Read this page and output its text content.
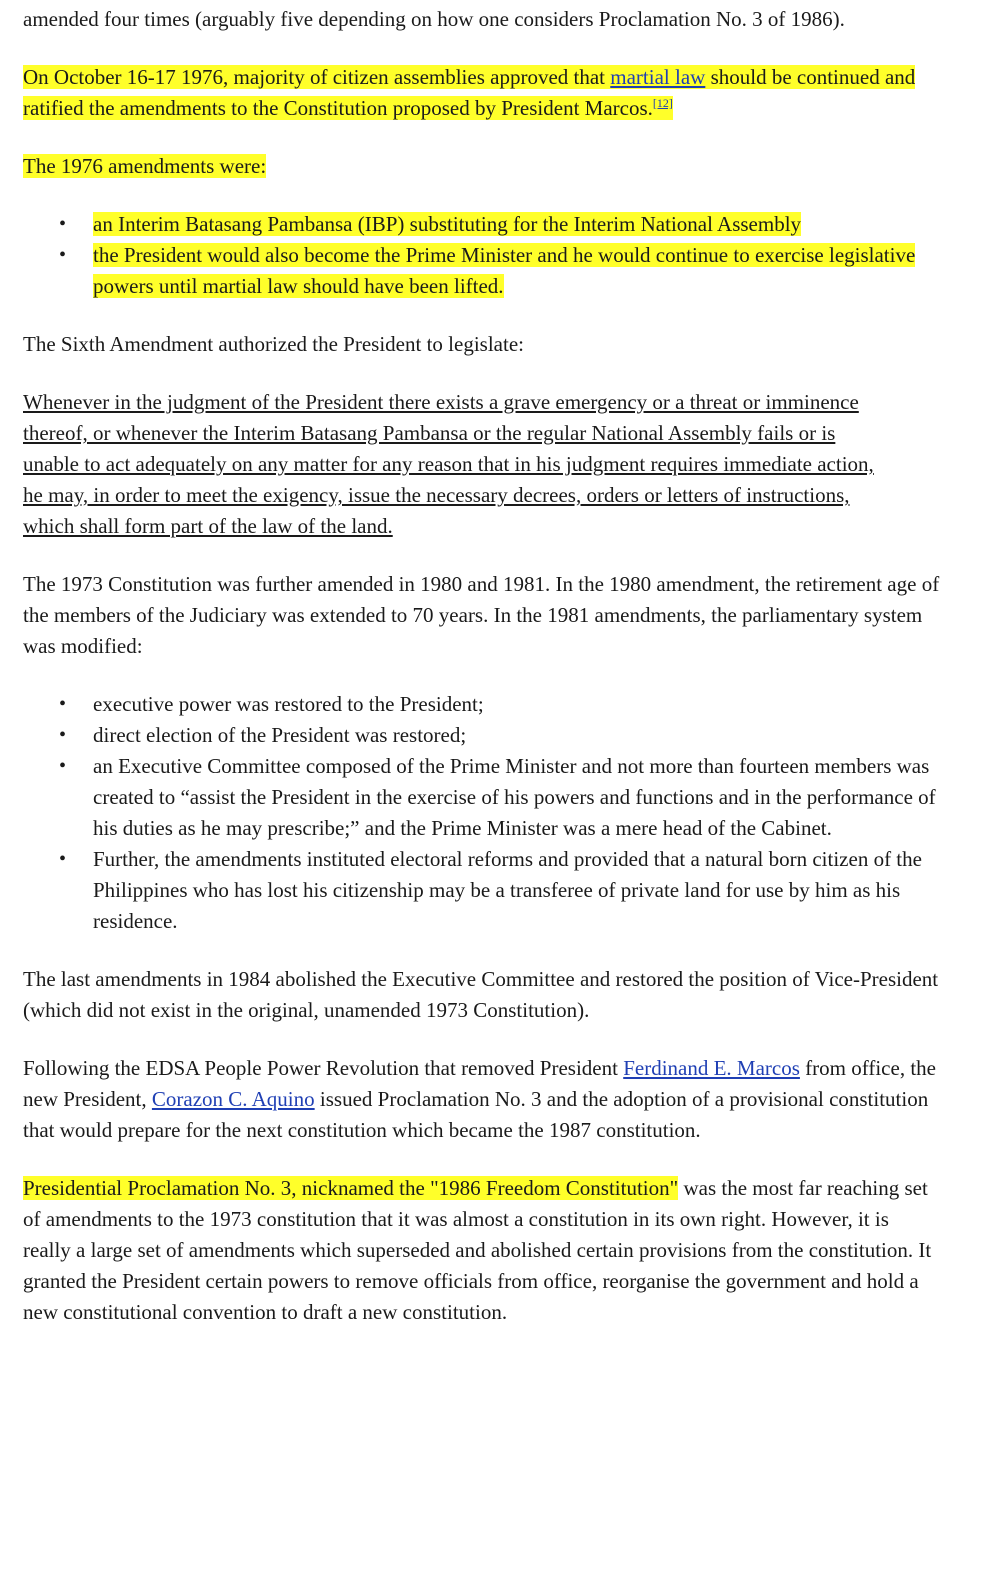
amended four times (arguably five depending on how one considers Proclamation No. 3 of 1986).

On October 16-17 1976, majority of citizen assemblies approved that martial law should be continued and ratified the amendments to the Constitution proposed by President Marcos.[12]

The 1976 amendments were:

• an Interim Batasang Pambansa (IBP) substituting for the Interim National Assembly
• the President would also become the Prime Minister and he would continue to exercise legislative powers until martial law should have been lifted.

The Sixth Amendment authorized the President to legislate:

Whenever in the judgment of the President there exists a grave emergency or a threat or imminence thereof, or whenever the Interim Batasang Pambansa or the regular National Assembly fails or is unable to act adequately on any matter for any reason that in his judgment requires immediate action, he may, in order to meet the exigency, issue the necessary decrees, orders or letters of instructions, which shall form part of the law of the land.

The 1973 Constitution was further amended in 1980 and 1981. In the 1980 amendment, the retirement age of the members of the Judiciary was extended to 70 years. In the 1981 amendments, the parliamentary system was modified:

• executive power was restored to the President;
• direct election of the President was restored;
• an Executive Committee composed of the Prime Minister and not more than fourteen members was created to “assist the President in the exercise of his powers and functions and in the performance of his duties as he may prescribe;” and the Prime Minister was a mere head of the Cabinet.
• Further, the amendments instituted electoral reforms and provided that a natural born citizen of the Philippines who has lost his citizenship may be a transferee of private land for use by him as his residence.

The last amendments in 1984 abolished the Executive Committee and restored the position of Vice-President (which did not exist in the original, unamended 1973 Constitution).

Following the EDSA People Power Revolution that removed President Ferdinand E. Marcos from office, the new President, Corazon C. Aquino issued Proclamation No. 3 and the adoption of a provisional constitution that would prepare for the next constitution which became the 1987 constitution.

Presidential Proclamation No. 3, nicknamed the "1986 Freedom Constitution" was the most far reaching set of amendments to the 1973 constitution that it was almost a constitution in its own right. However, it is really a large set of amendments which superseded and abolished certain provisions from the constitution. It granted the President certain powers to remove officials from office, reorganise the government and hold a new constitutional convention to draft a new constitution.
